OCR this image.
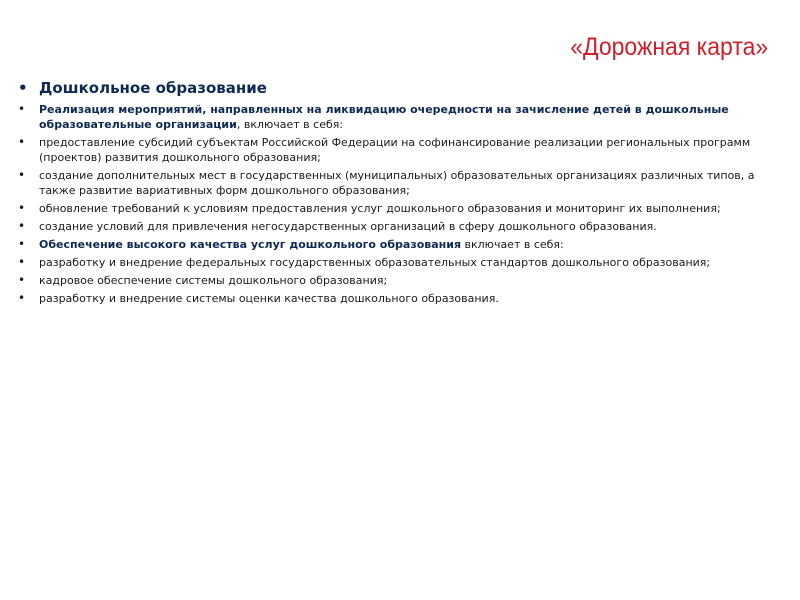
«Дорожная карта»
• Дошкольное образование
• Реализация мероприятий, направленных на ликвидацию очередности на зачисление детей в дошкольные образовательные организации, включает в себя:
• предоставление субсидий субъектам Российской Федерации на софинансирование реализации региональных программ (проектов) развития дошкольного образования;
• создание дополнительных мест в государственных (муниципальных) образовательных организациях различных типов, а также развитие вариативных форм дошкольного образования;
• обновление требований к условиям предоставления услуг дошкольного образования и мониторинг их выполнения;
• создание условий для привлечения негосударственных организаций в сферу дошкольного образования.
• Обеспечение высокого качества услуг дошкольного образования включает в себя:
• разработку и внедрение федеральных государственных образовательных стандартов дошкольного образования;
• кадровое обеспечение системы дошкольного образования;
• разработку и внедрение системы оценки качества дошкольного образования.
